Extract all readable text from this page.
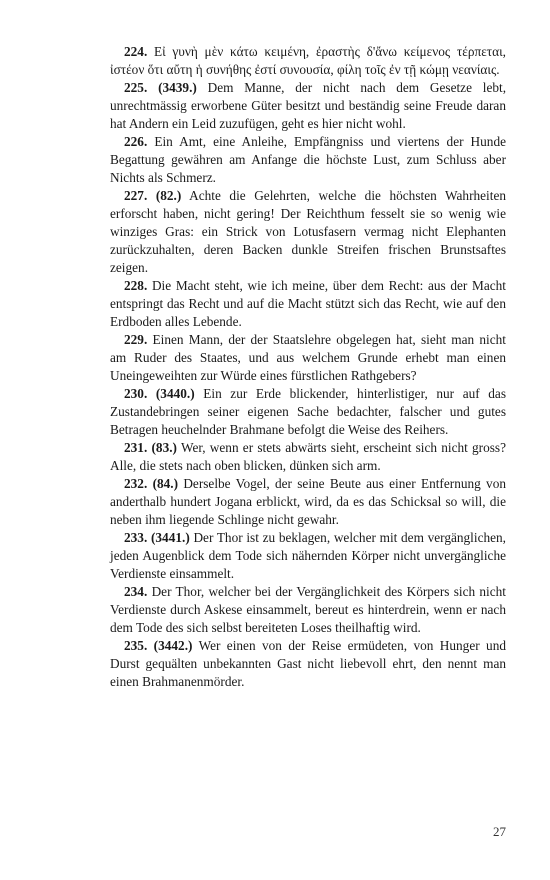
224. Εἰ γυνὴ μὲν κάτω κειμένη, ἐραστὴς δ'ἄνω κείμενος τέρπεται, ἰστέον ὅτι αὔτη ἡ συνήθης ἐστί συνουσία, φίλη τοῖς ἐν τῇ κώμῃ νεανίαις.

225. (3439.) Dem Manne, der nicht nach dem Gesetze lebt, unrechtmässig erworbene Güter besitzt und beständig seine Freude daran hat Andern ein Leid zuzufügen, geht es hier nicht wohl.

226. Ein Amt, eine Anleihe, Empfängniss und viertens der Hunde Begattung gewähren am Anfange die höchste Lust, zum Schluss aber Nichts als Schmerz.

227. (82.) Achte die Gelehrten, welche die höchsten Wahrheiten erforscht haben, nicht gering! Der Reichthum fesselt sie so wenig wie winziges Gras: ein Strick von Lotusfasern vermag nicht Elephanten zurückzuhalten, deren Backen dunkle Streifen frischen Brunstsaftes zeigen.

228. Die Macht steht, wie ich meine, über dem Recht: aus der Macht entspringt das Recht und auf die Macht stützt sich das Recht, wie auf den Erdboden alles Lebende.

229. Einen Mann, der der Staatslehre obgelegen hat, sieht man nicht am Ruder des Staates, und aus welchem Grunde erhebt man einen Uneingeweihten zur Würde eines fürstlichen Rathgebers?

230. (3440.) Ein zur Erde blickender, hinterlistiger, nur auf das Zustandebringen seiner eigenen Sache bedachter, falscher und gutes Betragen heuchelnder Brahmane befolgt die Weise des Reihers.

231. (83.) Wer, wenn er stets abwärts sieht, erscheint sich nicht gross? Alle, die stets nach oben blicken, dünken sich arm.

232. (84.) Derselbe Vogel, der seine Beute aus einer Entfernung von anderthalb hundert Jogana erblickt, wird, da es das Schicksal so will, die neben ihm liegende Schlinge nicht gewahr.

233. (3441.) Der Thor ist zu beklagen, welcher mit dem vergänglichen, jeden Augenblick dem Tode sich nähernden Körper nicht unvergängliche Verdienste einsammelt.

234. Der Thor, welcher bei der Vergänglichkeit des Körpers sich nicht Verdienste durch Askese einsammelt, bereut es hinterdrein, wenn er nach dem Tode des sich selbst bereiteten Loses theilhaftig wird.

235. (3442.) Wer einen von der Reise ermüdeten, von Hunger und Durst gequälten unbekannten Gast nicht liebevoll ehrt, den nennt man einen Brahmanenmörder.

27
